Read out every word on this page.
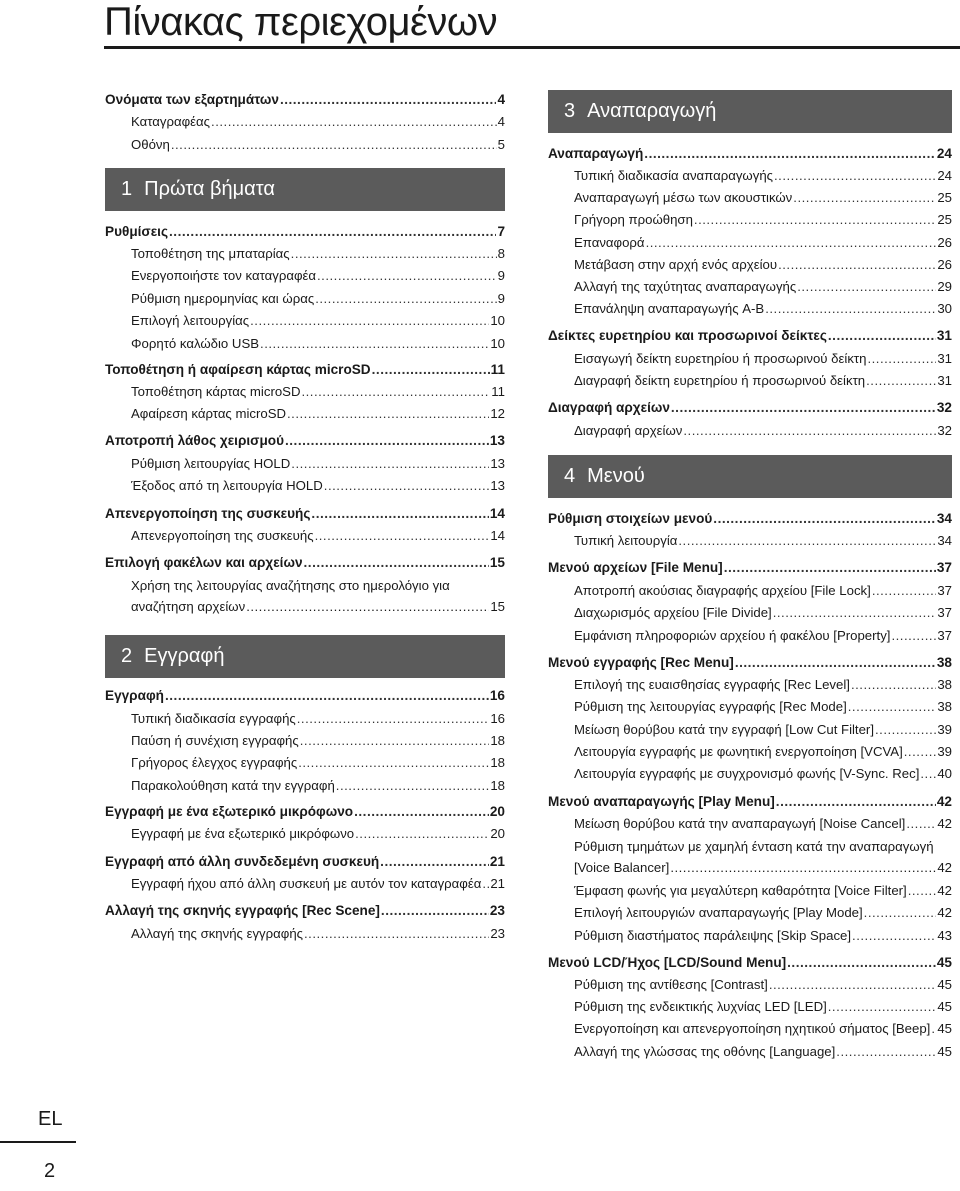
Πίνακας περιεχομένων
Ονόματα των εξαρτημάτων .....	4
Καταγραφέας .....	4
Οθόνη .....	5
1 Πρώτα βήματα
Ρυθμίσεις .....	7
Τοποθέτηση της μπαταρίας .....	8
Ενεργοποιήστε τον καταγραφέα .....	9
Ρύθμιση ημερομηνίας και ώρας .....	9
Επιλογή λειτουργίας .....	10
Φορητό καλώδιο USB .....	10
Τοποθέτηση ή αφαίρεση κάρτας microSD .....	11
Τοποθέτηση κάρτας microSD .....	11
Αφαίρεση κάρτας microSD .....	12
Αποτροπή λάθος χειρισμού .....	13
Ρύθμιση λειτουργίας HOLD .....	13
Έξοδος από τη λειτουργία HOLD .....	13
Απενεργοποίηση της συσκευής .....	14
Απενεργοποίηση της συσκευής .....	14
Επιλογή φακέλων και αρχείων .....	15
Χρήση της λειτουργίας αναζήτησης στο ημερολόγιο για
αναζήτηση αρχείων .....	15
2 Εγγραφή
Εγγραφή .....	16
Τυπική διαδικασία εγγραφής .....	16
Παύση ή συνέχιση εγγραφής .....	18
Γρήγορος έλεγχος εγγραφής .....	18
Παρακολούθηση κατά την εγγραφή .....	18
Εγγραφή με ένα εξωτερικό μικρόφωνο .....	20
Εγγραφή με ένα εξωτερικό μικρόφωνο .....	20
Εγγραφή από άλλη συνδεδεμένη συσκευή .....	21
Εγγραφή ήχου από άλλη συσκευή με αυτόν τον καταγραφέα ..... 21
Αλλαγή της σκηνής εγγραφής [Rec Scene] .....	23
Αλλαγή της σκηνής εγγραφής .....	23
3 Αναπαραγωγή
Αναπαραγωγή .....	24
Τυπική διαδικασία αναπαραγωγής .....	24
Αναπαραγωγή μέσω των ακουστικών .....	25
Γρήγορη προώθηση .....	25
Επαναφορά .....	26
Μετάβαση στην αρχή ενός αρχείου .....	26
Αλλαγή της ταχύτητας αναπαραγωγής .....	29
Επανάληψη αναπαραγωγής A-B .....	30
Δείκτες ευρετηρίου και προσωρινοί δείκτες .....	31
Εισαγωγή δείκτη ευρετηρίου ή προσωρινού δείκτη .....	31
Διαγραφή δείκτη ευρετηρίου ή προσωρινού δείκτη .....	31
Διαγραφή αρχείων .....	32
Διαγραφή αρχείων .....	32
4 Μενού
Ρύθμιση στοιχείων μενού .....	34
Τυπική λειτουργία .....	34
Μενού αρχείων [File Menu] .....	37
Αποτροπή ακούσιας διαγραφής αρχείου [File Lock] .....	37
Διαχωρισμός αρχείου [File Divide] .....	37
Εμφάνιση πληροφοριών αρχείου ή φακέλου [Property] .....	37
Μενού εγγραφής [Rec Menu] .....	38
Επιλογή της ευαισθησίας εγγραφής [Rec Level] .....	38
Ρύθμιση της λειτουργίας εγγραφής [Rec Mode] .....	38
Μείωση θορύβου κατά την εγγραφή [Low Cut Filter] .....	39
Λειτουργία εγγραφής με φωνητική ενεργοποίηση [VCVA] .....	39
Λειτουργία εγγραφής με συγχρονισμό φωνής [V-Sync. Rec] ..... 40
Μενού αναπαραγωγής [Play Menu] .....	42
Μείωση θορύβου κατά την αναπαραγωγή [Noise Cancel] ..... 42
Ρύθμιση τμημάτων με χαμηλή ένταση κατά την αναπαραγωγή
[Voice Balancer] .....	42
Έμφαση φωνής για μεγαλύτερη καθαρότητα [Voice Filter] ..... 42
Επιλογή λειτουργιών αναπαραγωγής [Play Mode] .....	42
Ρύθμιση διαστήματος παράλειψης [Skip Space] .....	43
Μενού LCD/Ήχος [LCD/Sound Menu] .....	45
Ρύθμιση της αντίθεσης [Contrast] .....	45
Ρύθμιση της ενδεικτικής λυχνίας LED [LED] .....	45
Ενεργοποίηση και απενεργοποίηση ηχητικού σήματος [Beep] ..... 45
Αλλαγή της γλώσσας της οθόνης [Language] .....	45
EL
2
